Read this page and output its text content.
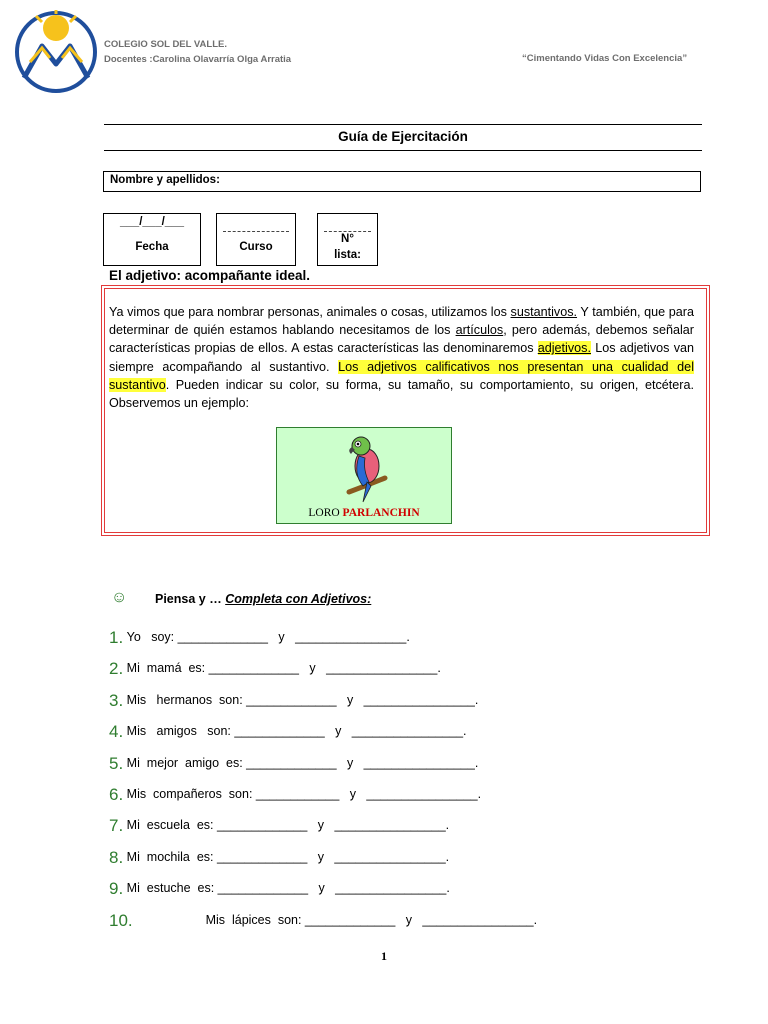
COLEGIO SOL DEL VALLE.
Docentes :Carolina Olavarría Olga Arratia	“Cimentando Vidas Con Excelencia”
Guía de Ejercitación
Nombre y apellidos:
___/___/___
Fecha	Curso
N°
lista:
El adjetivo: acompañante ideal.
Ya vimos que para nombrar personas, animales o cosas, utilizamos los sustantivos. Y también, que para determinar de quién estamos hablando necesitamos de los artículos, pero además, debemos señalar características propias de ellos. A estas características las denominaremos adjetivos. Los adjetivos van siempre acompañando al sustantivo. Los adjetivos calificativos nos presentan una cualidad del sustantivo. Pueden indicar su color, su forma, su tamaño, su comportamiento, su origen, etcétera. Observemos un ejemplo:
LORO PARLANCHIN
☺ Piensa y … Completa con Adjetivos:
1. Yo   soy: _____________   y   ________________.
2. Mi  mamá  es: _____________   y   ________________.
3. Mis   hermanos  son: _____________   y   ________________.
4. Mis   amigos   son: _____________   y   ________________.
5. Mi  mejor  amigo  es: _____________   y   ________________.
6. Mis  compañeros  son: ____________   y   ________________.
7. Mi  escuela  es: _____________   y   ________________.
8. Mi  mochila  es: _____________   y   ________________.
9. Mi  estuche  es: _____________   y   ________________.
10.                     Mis  lápices  son: _____________   y   ________________.
1
